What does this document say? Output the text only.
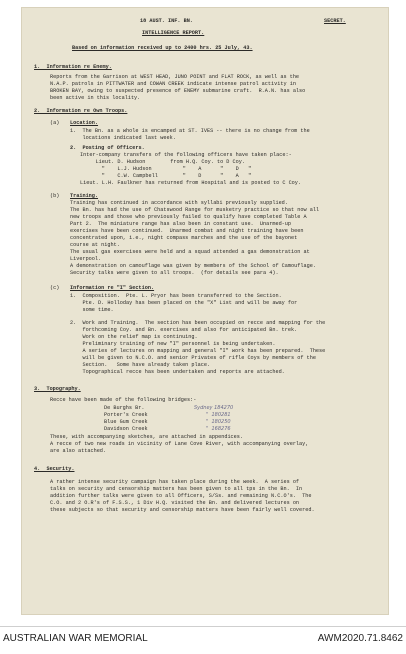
18 AUST. INF. BN.	SECRET.
INTELLIGENCE REPORT.
Based on information received up to 2400 hrs. 25 July, 43.
1.  Information re Enemy.
Reports from the Garrison at WEST HEAD, JUNO POINT and FLAT ROCK, as well as the
N.A.P. patrols in PITTWATER and COWAN CREEK indicate intense patrol activity in
BROKEN BAY, owing to suspected presence of ENEMY submarine craft.  R.A.N. has also
been active in this locality.
2.  Information re Own Troops.
(a) Location.
1.  The Bn. as a whole is encamped at ST. IVES -- there is no change from the
locations indicated last week.
2.  Posting of Officers.
Inter-company transfers of the following officers have taken place:-
Lieut. D. Hudson        from H.Q. Coy. to D Coy.
"    L.J. Hudson          "    A      "    D   "
"    C.W. Campbell        "    D      "    A   "
Lieut. L.H. Faulkner has returned from Hospital and is posted to C Coy.
(b) Training.
Training has continued in accordance with syllabi previously supplied.
The Bn. has had the use of Chatswood Range for musketry practice so that now all
new troops and those who previously failed to qualify have completed Table A
Part 2.  The miniature range has also been in constant use.  Unarmed-up
exercises have been continued.  Unarmed combat and night training have been
concentrated upon, i.e., night compass marches and the use of the bayonet
course at night.
The usual gas exercises were held and a squad attended a gas demonstration at
Liverpool.
A demonstration on camouflage was given by members of the School of Camouflage.
Security talks were given to all troops.  (for details see para 4).
(c) Information re "I" Section.
1.  Composition.  Pte. L. Pryor has been transferred to the Section.
Pte. D. Holloday has been placed on the "X" List and will be away for
some time.
2.  Work and Training.  The section has been occupied on recce and mapping for the
forthcoming Coy. and Bn. exercises and also for anticipated Bn. trek.
Work on the relief map is continuing.
Preliminary training of new "I" personnel is being undertaken.
A series of lectures on mapping and general "I" work has been prepared.  These
will be given to N.C.O. and senior Privates of rifle Coys by members of the
Section.   Some have already taken place.
Topographical recce has been undertaken and reports are attached.
3.  Topography.
Recce have been made of the following bridges:-
De Burghs Br.	Sydney 184270
Porter's Creek	"  180281
Blue Gum Creek	"  180250
Davidson Creek	"  168276
These, with accompanying sketches, are attached in appendices.
A recce of two new roads in vicinity of Lane Cove River, with accompanying overlay,
are also attached.
4.  Security.
A rather intense security campaign has taken place during the week.  A series of
talks on security and censorship matters has been given to all tps in the Bn.  In
addition further talks were given to all Officers, S/Ss. and remaining N.C.O's.  The
C.O. and 2 O.R's of F.S.S., 1 Div H.Q. visited the Bn. and delivered lectures on
these subjects so that security and censorship matters have been fairly well covered.
AUSTRALIAN WAR MEMORIAL	AWM2020.71.8462
